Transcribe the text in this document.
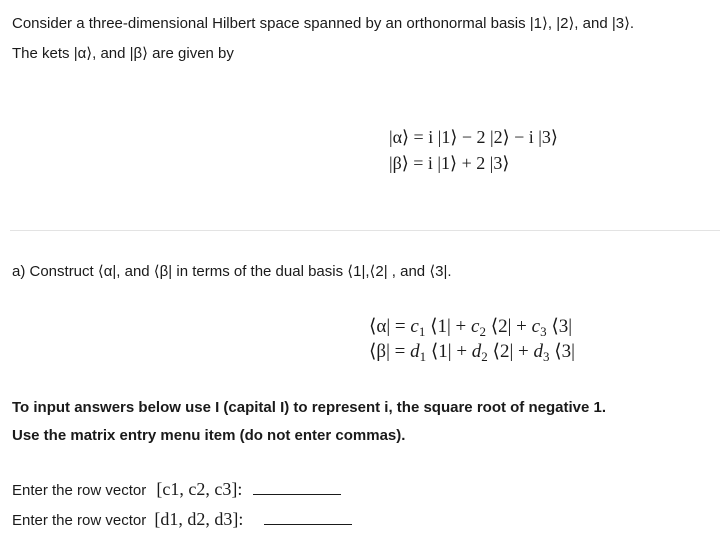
Consider a three-dimensional Hilbert space spanned by an orthonormal basis |1⟩, |2⟩, and |3⟩.
The kets |α⟩, and |β⟩ are given by
|α⟩ = i |1⟩ − 2 |2⟩ − i |3⟩
|β⟩ = i |1⟩ + 2 |3⟩
a) Construct ⟨α|, and ⟨β| in terms of the dual basis ⟨1|,⟨2| , and ⟨3|.
⟨α| = $c_1$ ⟨1| + $c_2$ ⟨2| + $c_3$ ⟨3|
⟨β| = $d_1$ ⟨1| + $d_2$ ⟨2| + $d_3$ ⟨3|
To input answers below use I (capital I) to represent i, the square root of negative 1.
Use the matrix entry menu item (do not enter commas).
Enter the row vector [c1, c2, c3]:
Enter the row vector [d1, d2, d3]:
